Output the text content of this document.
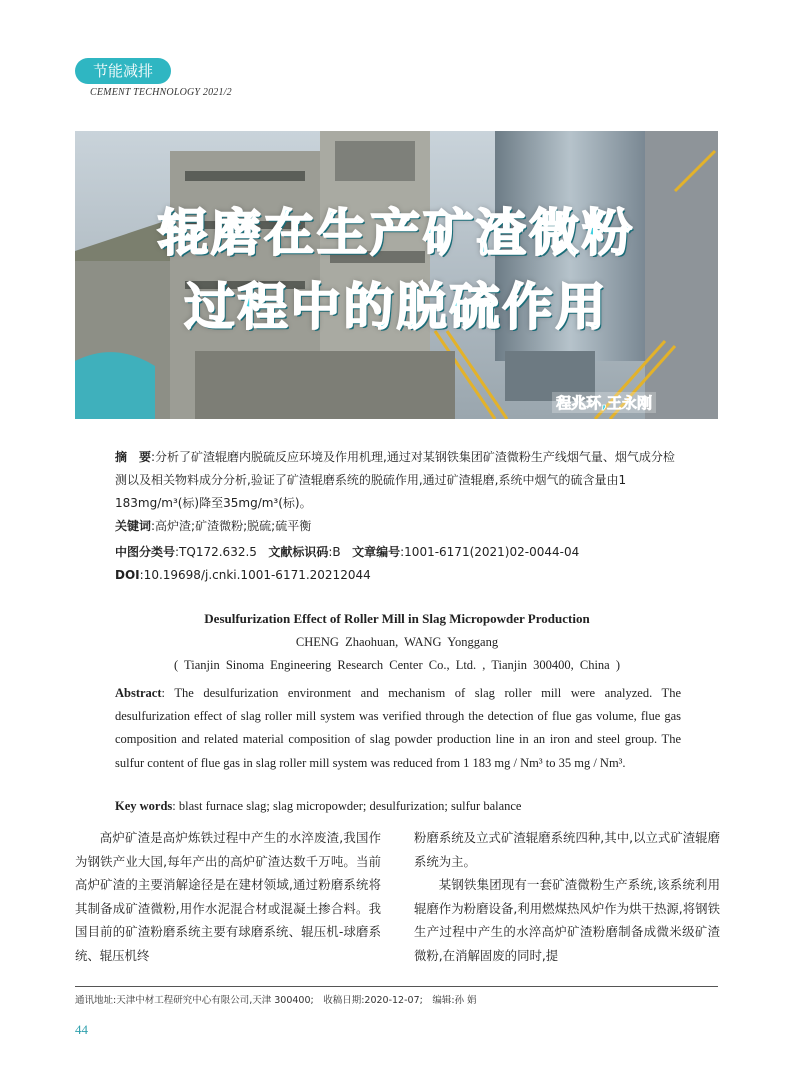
节能减排
CEMENT TECHNOLOGY 2021/2
辊磨在生产矿渣微粉
过程中的脱硫作用
程兆环,王永刚
摘　要:分析了矿渣辊磨内脱硫反应环境及作用机理,通过对某钢铁集团矿渣微粉生产线烟气量、烟气成分检测以及相关物料成分分析,验证了矿渣辊磨系统的脱硫作用,通过矿渣辊磨,系统中烟气的硫含量由1 183mg/m³(标)降至35mg/m³(标)。
关键词:高炉渣;矿渣微粉;脱硫;硫平衡
中图分类号:TQ172.632.5 文献标识码:B 文章编号:1001-6171(2021)02-0044-04
DOI:10.19698/j.cnki.1001-6171.20212044
Desulfurization Effect of Roller Mill in Slag Micropowder Production
CHENG Zhaohuan, WANG Yonggang
( Tianjin Sinoma Engineering Research Center Co., Ltd. , Tianjin 300400, China )
Abstract: The desulfurization environment and mechanism of slag roller mill were analyzed. The desulfurization effect of slag roller mill system was verified through the detection of flue gas volume, flue gas composition and related material composition of slag powder production line in an iron and steel group. The sulfur content of flue gas in slag roller mill system was reduced from 1 183 mg / Nm³ to 35 mg / Nm³.
Key words: blast furnace slag; slag micropowder; desulfurization; sulfur balance

高炉矿渣是高炉炼铁过程中产生的水淬废渣,我国作为钢铁产业大国,每年产出的高炉矿渣达数千万吨。当前高炉矿渣的主要消解途径是在建材领域,通过粉磨系统将其制备成矿渣微粉,用作水泥混合材或混凝土掺合料。我国目前的矿渣粉磨系统主要有球磨系统、辊压机-球磨系统、辊压机终

粉磨系统及立式矿渣辊磨系统四种,其中,以立式矿渣辊磨系统为主。

某钢铁集团现有一套矿渣微粉生产系统,该系统利用辊磨作为粉磨设备,利用燃煤热风炉作为烘干热源,将钢铁生产过程中产生的水淬高炉矿渣粉磨制备成微米级矿渣微粉,在消解固废的同时,提

通讯地址:天津中材工程研究中心有限公司,天津 300400;　收稿日期:2020-12-07;　编辑:孙 娟
44
